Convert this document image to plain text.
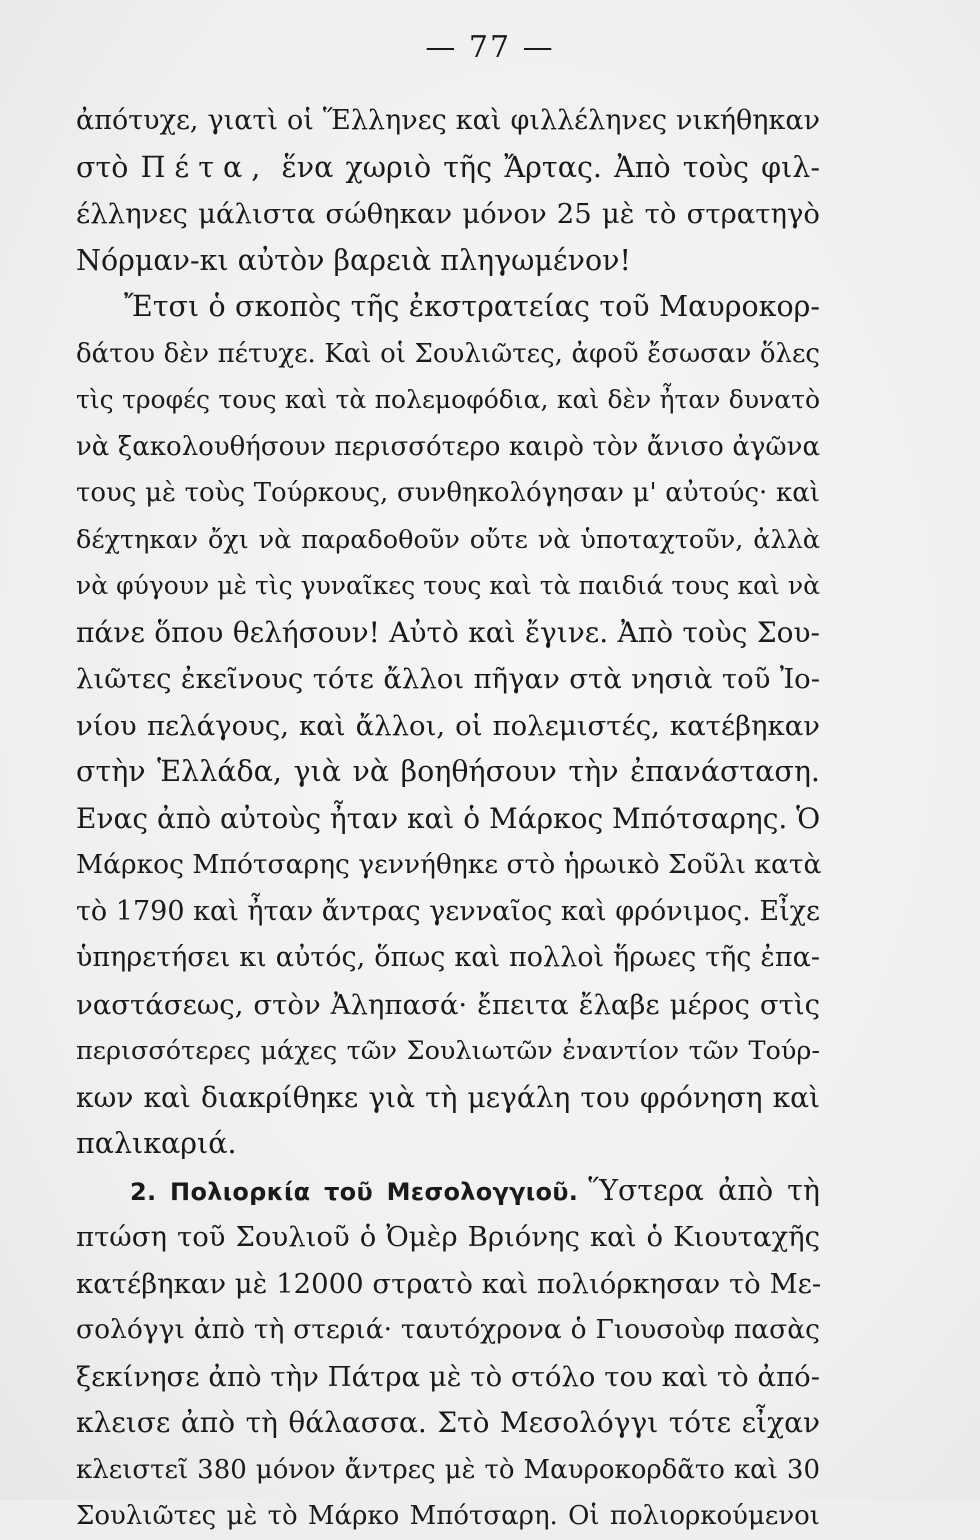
— 77 —
ἀπότυχε, γιατὶ οἱ Ἕλληνες καὶ φιλλέληνες νικήθηκαν
στὸ Πέτα, ἕνα χωριὸ τῆς Ἄρτας. Ἀπὸ τοὺς φιλ-
έλληνες μάλιστα σώθηκαν μόνον 25 μὲ τὸ στρατηγὸ
Νόρμαν-κι αὐτὸν βαρειὰ πληγωμένον!
Ἔτσι ὁ σκοπὸς τῆς ἐκστρατείας τοῦ Μαυροκορ-
δάτου δὲν πέτυχε. Καὶ οἱ Σουλιῶτες, ἀφοῦ ἔσωσαν ὅλες
τὶς τροφές τους καὶ τὰ πολεμοφόδια, καὶ δὲν ἦταν δυνατὸ
νὰ ξακολουθήσουν περισσότερο καιρὸ τὸν ἄνισο ἀγῶνα
τους μὲ τοὺς Τούρκους, συνθηκολόγησαν μ' αὐτούς· καὶ
δέχτηκαν ὄχι νὰ παραδοθοῦν οὔτε νὰ ὑποταχτοῦν, ἀλλὰ
νὰ φύγουν μὲ τὶς γυναῖκες τους καὶ τὰ παιδιά τους καὶ νὰ
πάνε ὅπου θελήσουν! Αὐτὸ καὶ ἔγινε. Ἀπὸ τοὺς Σου-
λιῶτες ἐκεῖνους τότε ἄλλοι πῆγαν στὰ νησιὰ τοῦ Ἰο-
νίου πελάγους, καὶ ἄλλοι, οἱ πολεμιστές, κατέβηκαν
στὴν Ἑλλάδα, γιὰ νὰ βοηθήσουν τὴν ἐπανάσταση.
Ενας ἀπὸ αὐτοὺς ἦταν καὶ ὁ Μάρκος Μπότσαρης. Ὁ
Μάρκος Μπότσαρης γεννήθηκε στὸ ἡρωικὸ Σοῦλι κατὰ
τὸ 1790 καὶ ἦταν ἄντρας γενναῖος καὶ φρόνιμος. Εἶχε
ὑπηρετήσει κι αὐτός, ὅπως καὶ πολλοὶ ἥρωες τῆς ἐπα-
ναστάσεως, στὸν Ἀληπασά· ἔπειτα ἔλαβε μέρος στὶς
περισσότερες μάχες τῶν Σουλιωτῶν ἐναντίον τῶν Τούρ-
κων καὶ διακρίθηκε γιὰ τὴ μεγάλη του φρόνηση καὶ
παλικαριά.
2. Πολιορκία τοῦ Μεσολογγιοῦ. Ὕστερα ἀπὸ τὴ
πτώση τοῦ Σουλιοῦ ὁ Ὀμὲρ Βριόνης καὶ ὁ Κιουταχῆς
κατέβηκαν μὲ 12000 στρατὸ καὶ πολιόρκησαν τὸ Με-
σολόγγι ἀπὸ τὴ στεριά· ταυτόχρονα ὁ Γιουσοὺφ πασὰς
ξεκίνησε ἀπὸ τὴν Πάτρα μὲ τὸ στόλο του καὶ τὸ ἀπό-
κλεισε ἀπὸ τὴ θάλασσα. Στὸ Μεσολόγγι τότε εἶχαν
κλειστεῖ 380 μόνον ἄντρες μὲ τὸ Μαυροκορδᾶτο καὶ 30
Σουλιῶτες μὲ τὸ Μάρκο Μπότσαρη. Οἱ πολιορκούμενοι
